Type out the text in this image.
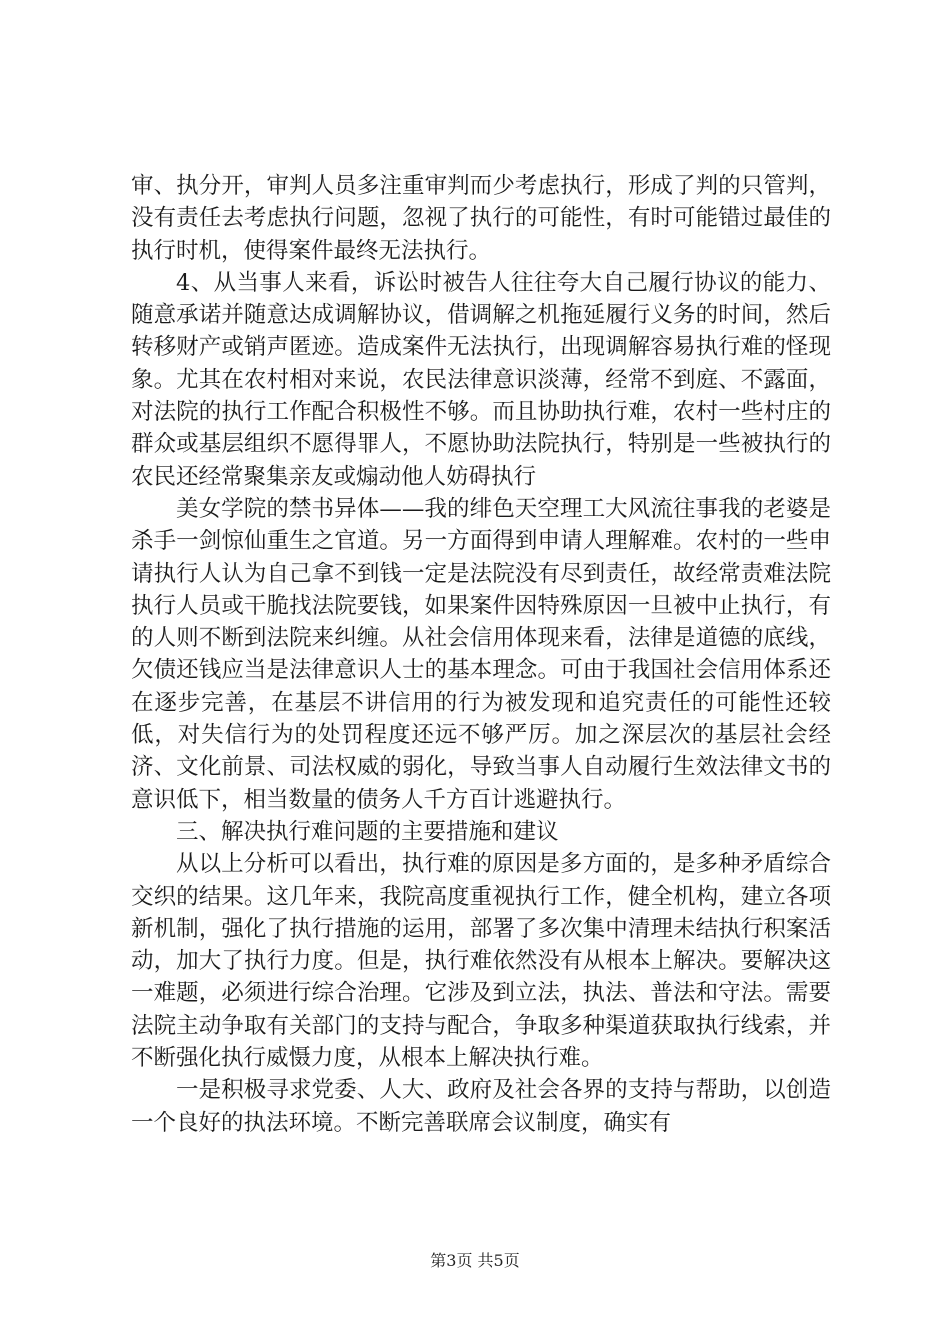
审、执分开，审判人员多注重审判而少考虑执行，形成了判的只管判，没有责任去考虑执行问题，忽视了执行的可能性，有时可能错过最佳的执行时机，使得案件最终无法执行。

4、从当事人来看，诉讼时被告人往往夸大自己履行协议的能力、随意承诺并随意达成调解协议，借调解之机拖延履行义务的时间，然后转移财产或销声匿迹。造成案件无法执行，出现调解容易执行难的怪现象。尤其在农村相对来说，农民法律意识淡薄，经常不到庭、不露面，对法院的执行工作配合积极性不够。而且协助执行难，农村一些村庄的群众或基层组织不愿得罪人，不愿协助法院执行，特别是一些被执行的农民还经常聚集亲友或煽动他人妨碍执行

美女学院的禁书异体——我的绯色天空理工大风流往事我的老婆是杀手一剑惊仙重生之官道。另一方面得到申请人理解难。农村的一些申请执行人认为自己拿不到钱一定是法院没有尽到责任，故经常责难法院执行人员或干脆找法院要钱，如果案件因特殊原因一旦被中止执行，有的人则不断到法院来纠缠。从社会信用体现来看，法律是道德的底线，欠债还钱应当是法律意识人士的基本理念。可由于我国社会信用体系还在逐步完善，在基层不讲信用的行为被发现和追究责任的可能性还较低，对失信行为的处罚程度还远不够严厉。加之深层次的基层社会经济、文化前景、司法权威的弱化，导致当事人自动履行生效法律文书的意识低下，相当数量的债务人千方百计逃避执行。

三、解决执行难问题的主要措施和建议

从以上分析可以看出，执行难的原因是多方面的，是多种矛盾综合交织的结果。这几年来，我院高度重视执行工作，健全机构，建立各项新机制，强化了执行措施的运用，部署了多次集中清理未结执行积案活动，加大了执行力度。但是，执行难依然没有从根本上解决。要解决这一难题，必须进行综合治理。它涉及到立法，执法、普法和守法。需要法院主动争取有关部门的支持与配合，争取多种渠道获取执行线索，并不断强化执行威慑力度，从根本上解决执行难。

一是积极寻求党委、人大、政府及社会各界的支持与帮助，以创造一个良好的执法环境。不断完善联席会议制度，确实有

第3页 共5页
